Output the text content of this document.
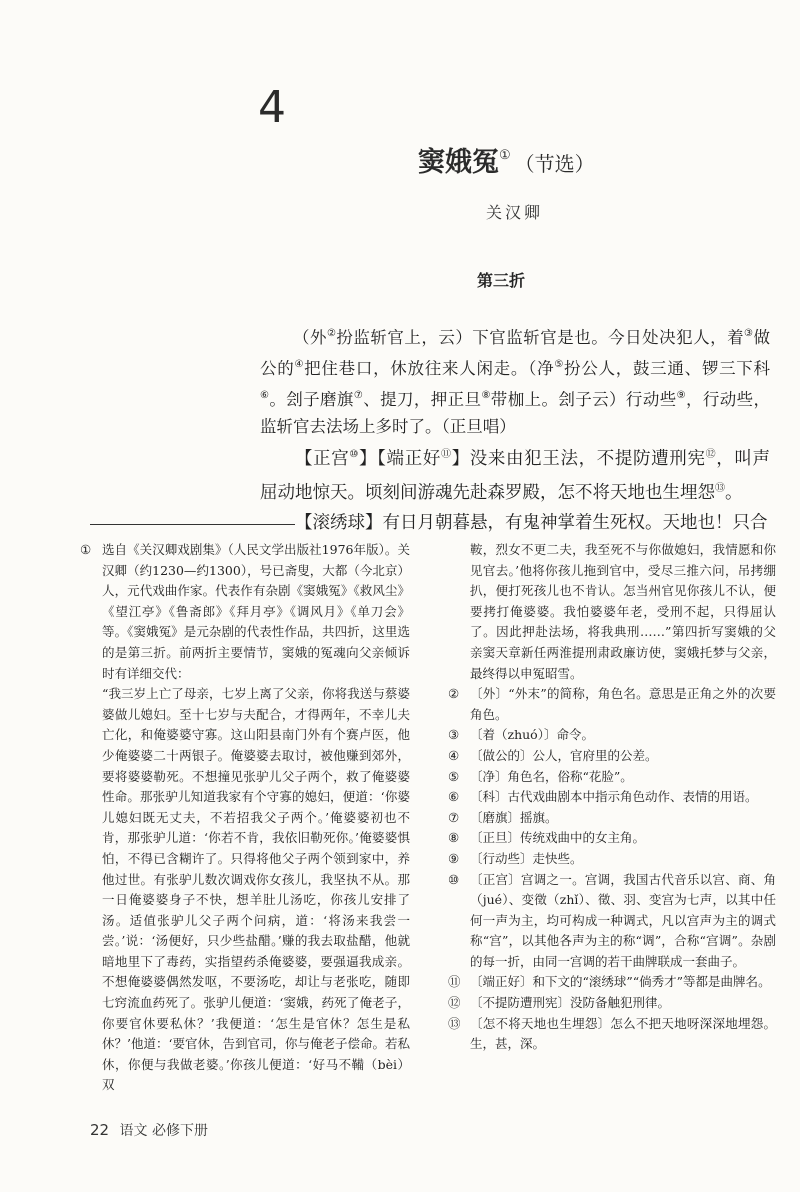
4
窦娥冤① （节选）
关汉卿
第三折

（外②扮监斩官上，云）下官监斩官是也。今日处决犯人，着③做公的④把住巷口，休放往来人闲走。（净⑤扮公人，鼓三通、锣三下科⑥。刽子磨旗⑦、提刀，押正旦⑧带枷上。刽子云）行动些⑨，行动些，监斩官去法场上多时了。（正旦唱）

【正宫⑩】【端正好⑪】没来由犯王法，不提防遭刑宪⑫，叫声屈动地惊天。顷刻间游魂先赴森罗殿，怎不将天地也生埋怨⑬。

【滚绣球】有日月朝暮悬，有鬼神掌着生死权。天地也！只合

① 选自《关汉卿戏剧集》（人民文学出版社1976年版）。关汉卿（约1230—约1300），号已斋叟，大都（今北京）人，元代戏曲作家。代表作有杂剧《窦娥冤》《救风尘》《望江亭》《鲁斋郎》《拜月亭》《调风月》《单刀会》等。《窦娥冤》是元杂剧的代表性作品，共四折，这里选的是第三折。前两折主要情节，窦娥的冤魂向父亲倾诉时有详细交代：
“我三岁上亡了母亲，七岁上离了父亲，你将我送与蔡婆婆做儿媳妇。至十七岁与夫配合，才得两年，不幸儿夫亡化，和俺婆婆守寡。这山阳县南门外有个赛卢医，他少俺婆婆二十两银子。俺婆婆去取讨，被他赚到郊外，要将婆婆勒死。不想撞见张驴儿父子两个，救了俺婆婆性命。那张驴儿知道我家有个守寡的媳妇，便道：‘你婆儿媳妇既无丈夫，不若招我父子两个。’俺婆婆初也不肯，那张驴儿道：‘你若不肯，我依旧勒死你。’俺婆婆惧怕，不得已含糊许了。只得将他父子两个领到家中，养他过世。有张驴儿数次调戏你女孩儿，我坚执不从。那一日俺婆婆身子不快，想羊肚儿汤吃，你孩儿安排了汤。适值张驴儿父子两个问病，道：‘将汤来我尝一尝。’说：‘汤便好，只少些盐醋。’赚的我去取盐醋，他就暗地里下了毒药，实指望药杀俺婆婆，要强逼我成亲。不想俺婆婆偶然发呕，不要汤吃，却让与老张吃，随即七窍流血药死了。张驴儿便道：‘窦娥，药死了俺老子，你要官休要私休？’我便道：‘怎生是官休？怎生是私休？’他道：‘要官休，告到官司，你与俺老子偿命。若私休，你便与我做老婆。’你孩儿便道：‘好马不鞴（bèi）双
鞍，烈女不更二夫，我至死不与你做媳妇，我情愿和你见官去。’他将你孩儿拖到官中，受尽三推六问，吊拷绷扒，便打死孩儿也不肯认。怎当州官见你孩儿不认，便要拷打俺婆婆。我怕婆婆年老，受刑不起，只得屈认了。因此押赴法场，将我典刑……”第四折写窦娥的父亲窦天章新任两淮提刑肃政廉访使，窦娥托梦与父亲，最终得以申冤昭雪。
② 〔外〕“外末”的简称，角色名。意思是正角之外的次要角色。
③ 〔着（zhuó）〕命令。
④ 〔做公的〕公人，官府里的公差。
⑤ 〔净〕角色名，俗称“花脸”。
⑥ 〔科〕古代戏曲剧本中指示角色动作、表情的用语。
⑦ 〔磨旗〕摇旗。
⑧ 〔正旦〕传统戏曲中的女主角。
⑨ 〔行动些〕走快些。
⑩ 〔正宫〕宫调之一。宫调，我国古代音乐以宫、商、角（jué）、变徵（zhǐ）、徵、羽、变宫为七声，以其中任何一声为主，均可构成一种调式，凡以宫声为主的调式称“宫”，以其他各声为主的称“调”，合称“宫调”。杂剧的每一折，由同一宫调的若干曲牌联成一套曲子。
⑪ 〔端正好〕和下文的“滚绣球”“倘秀才”等都是曲牌名。
⑫ 〔不提防遭刑宪〕没防备触犯刑律。
⑬ 〔怎不将天地也生埋怨〕怎么不把天地呀深深地埋怨。生，甚，深。
22 语文 必修下册
